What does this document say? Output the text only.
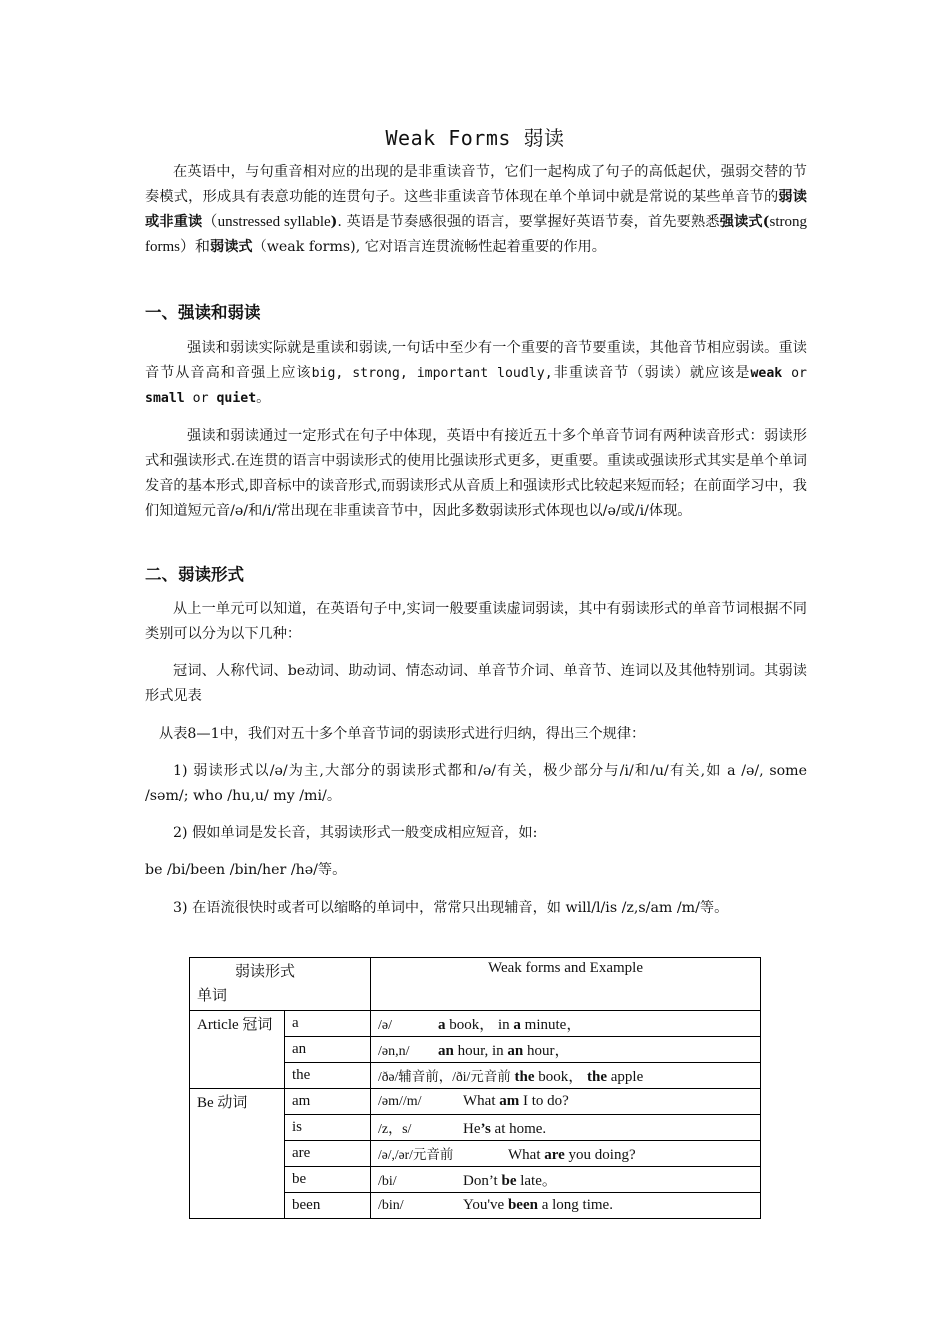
Weak Forms 弱读
在英语中，与句重音相对应的出现的是非重读音节，它们一起构成了句子的高低起伏，强弱交替的节奏模式，形成具有表意功能的连贯句子。这些非重读音节体现在单个单词中就是常说的某些单音节的弱读或非重读（unstressed syllable). 英语是节奏感很强的语言，要掌握好英语节奏，首先要熟悉强读式(strong forms）和弱读式（weak forms), 它对语言连贯流畅性起着重要的作用。
一、强读和弱读
强读和弱读实际就是重读和弱读,一句话中至少有一个重要的音节要重读，其他音节相应弱读。重读音节从音高和音强上应该big, strong, important loudly,非重读音节（弱读）就应该是weak or small or quiet。
强读和弱读通过一定形式在句子中体现，英语中有接近五十多个单音节词有两种读音形式：弱读形式和强读形式.在连贯的语言中弱读形式的使用比强读形式更多，更重要。重读或强读形式其实是单个单词发音的基本形式,即音标中的读音形式,而弱读形式从音质上和强读形式比较起来短而轻；在前面学习中，我们知道短元音/ə/和/i/常出现在非重读音节中，因此多数弱读形式体现也以/ə/或/i/体现。
二、弱读形式
从上一单元可以知道，在英语句子中,实词一般要重读虚词弱读，其中有弱读形式的单音节词根据不同类别可以分为以下几种：
冠词、人称代词、be动词、助动词、情态动词、单音节介词、单音节、连词以及其他特别词。其弱读形式见表
从表8—1中，我们对五十多个单音节词的弱读形式进行归纳，得出三个规律：
1) 弱读形式以/ə/为主,大部分的弱读形式都和/ə/有关，极少部分与/i/和/u/有关,如 a /ə/, some /səm/; who /hu,u/ my /mi/。
2) 假如单词是发长音，其弱读形式一般变成相应短音，如:
be /bi/been /bin/her /hə/等。
3) 在语流很快时或者可以缩略的单词中，常常只出现辅音，如 will/l/is /z,s/am /m/等。
弱读形式
单词		Weak forms and Example
Article 冠词	a	/ə/ a book， in a minute，
	an	/ən,n/ an hour, in an hour，
	the	/ðə/辅音前，/ði/元音前 the book， the apple
Be 动词	am	/əm//m/ What am I to do?
	is	/z，s/ He’s at home.
	are	/ə/,/ər/元音前 What are you doing?
	be	/bi/ Don’t be late。
	been	/bin/ You've been a long time.
